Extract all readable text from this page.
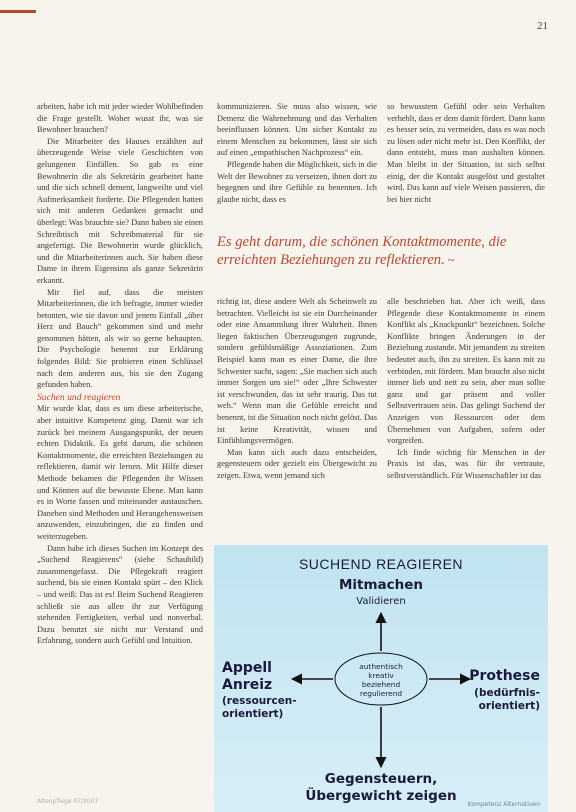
21

arbeiten, habe ich mit jeder wieder Wohlbefinden die Frage gestellt. Woher wusst ihr, was sie Bewohner brauchen?

Die Mitarbeiter des Hauses erzählten auf überzeugende Weise viele Geschichten von gelungenen Einfällen. So gab es eine Bewohnerin die als Sekretärin gearbeitet hatte und die sich schnell dement, langweilte und viel Aufmerksamkeit forderte. Die Pflegenden hatten sich mit anderen Gedanken gemacht und überlegt: Was brauchte sie? Dann haben sie einen Schreibtisch mit Schreibmaterial für sie angefertigt. Die Bewohnerin wurde glücklich, und die Mitarbeiterinnen auch. Sie haben diese Dame in ihrem Eigensinn als ganze Sekretärin erkannt.

Mir fiel auf, dass die meisten Mitarbeiterinnen, die ich befragte, immer wieder betonten, wie sie davon und jenem Einfall „über Herz und Bauch“ gekommen sind und mehr genommen hätten, als wir so gerne behaupten. Die Psychologie benennt zur Erklärung folgendes Bild: Sie probieren einen Schlüssel nach dem anderen aus, bis sie den Zugang gefunden haben.

Suchen und reagieren

Mir wurde klar, dass es um diese arbeiterische, aber intuitive Kompetenz ging. Damit war ich zurück bei meinem Ausgangspunkt, der neuen echten Didaktik. Es geht darum, die schönen Kontaktmomente, die erreichten Beziehungen zu reflektieren, damit wir lernen. Mit Hilfe dieser Methode bekamen die Pflegenden ihr Wissen und Können auf die bewusste Ebene. Man kann es in Worte fassen und miteinander austauschen. Daneben sind Methoden und Herangehensweisen anzuwenden, einzubringen, die zu finden und weiterzugeben.

Dann habe ich dieses Suchen im Konzept des „Suchend Reagierens“ (siehe Schaubild) zusammengefasst. Die Pflegekraft reagiert suchend, bis sie einen Kontakt spürt – den Klick – und weiß: Das ist es! Beim Suchend Reagieren schließt sie aus allen ihr zur Verfügung stehenden Fertigkeiten, verbal und nonverbal. Dazu benutzt sie nicht nur Verstand und Erfahrung, sondern auch Gefühl und Intuition.

kommunizieren. Sie muss also wissen, wie Demenz die Wahrnehmung und das Verhalten beeinflussen können. Um sicher Kontakt zu einem Menschen zu bekommen, lässt sie sich auf einen „empathischen Nachprozess“ ein.

Pflegende haben die Möglichkeit, sich in die Welt der Bewohner zu versetzen, ihnen dort zu begegnen und ihre Gefühle zu benennen. Ich glaube nicht, dass es

so bewusstem Gefühl oder sein Verhalten verhehlt, dass er dem damit fördert. Dann kann es besser sein, zu vermeiden, dass es was noch zu lösen oder nicht mehr ist. Den Konflikt, der dann entsteht, muss man aushalten können. Man bleibt in der Situation, ist sich selbst einig, der die Kontakt ausgelöst und gestaltet wird. Das kann auf viele Weisen passieren, die bei hier nicht

Es geht darum, die schönen Kontaktmomente, die erreichten Beziehungen zu reflektieren. ~

richtig ist, diese andere Welt als Scheinwelt zu betrachten. Vielleicht ist sie ein Durcheinander oder eine Ansammlung ihrer Wahrheit. Ihnen liegen faktischen Überzeugungen zugrunde, sondern gefühlsmäßige Assoziationen. Zum Beispiel kann man es einer Dame, die ihre Schwester sucht, sagen: „Sie machen sich auch immer Sorgen um sie!“ oder „Ihre Schwester ist verschwunden, das ist sehr traurig. Das tut weh.“ Wenn man die Gefühle erreicht und benennt, ist die Situation noch nicht gelöst. Das ist keine Kreativität, wissen und Einfühlungsvermögen.

Man kann sich auch dazu entscheiden, gegensteuern oder gezielt ein Übergewicht zu zeigen. Etwa, wenn jemand sich

alle beschrieben hat. Aber ich weiß, dass Pflegende diese Kontaktmomente in einem Konflikt als „Knackpunkt“ bezeichnen. Solche Konflikte bringen Änderungen in der Beziehung zustande. Mit jemandem zu streiten bedeutet auch, ihn zu streiten. Es kann mit zu verbinden, mit fördern. Man braucht also nicht immer lieb und nett zu sein, aber man sollte ganz und gar präsent und voller Selbstvertrauen sein. Das gelingt Suchend der Anzeigen von Ressourcen oder dem Übernehmen von Aufgaben, sofern oder vorgreifen.

Ich finde wichtig für Menschen in der Praxis ist das, was für ihr vertraute, selbstverständlich. Für Wissenschaftler ist das

SUCHEND REAGIEREN
Mitmachen
Validieren
Appell
Anreiz
(ressourcen-orientiert)
Prothese
(bedürfnis-orientiert)
authentisch
kreativ
beziehend
regulierend
Gegensteuern,
Übergewicht zeigen
Kompetenz Alternativen
Altenpflege 07/2007
